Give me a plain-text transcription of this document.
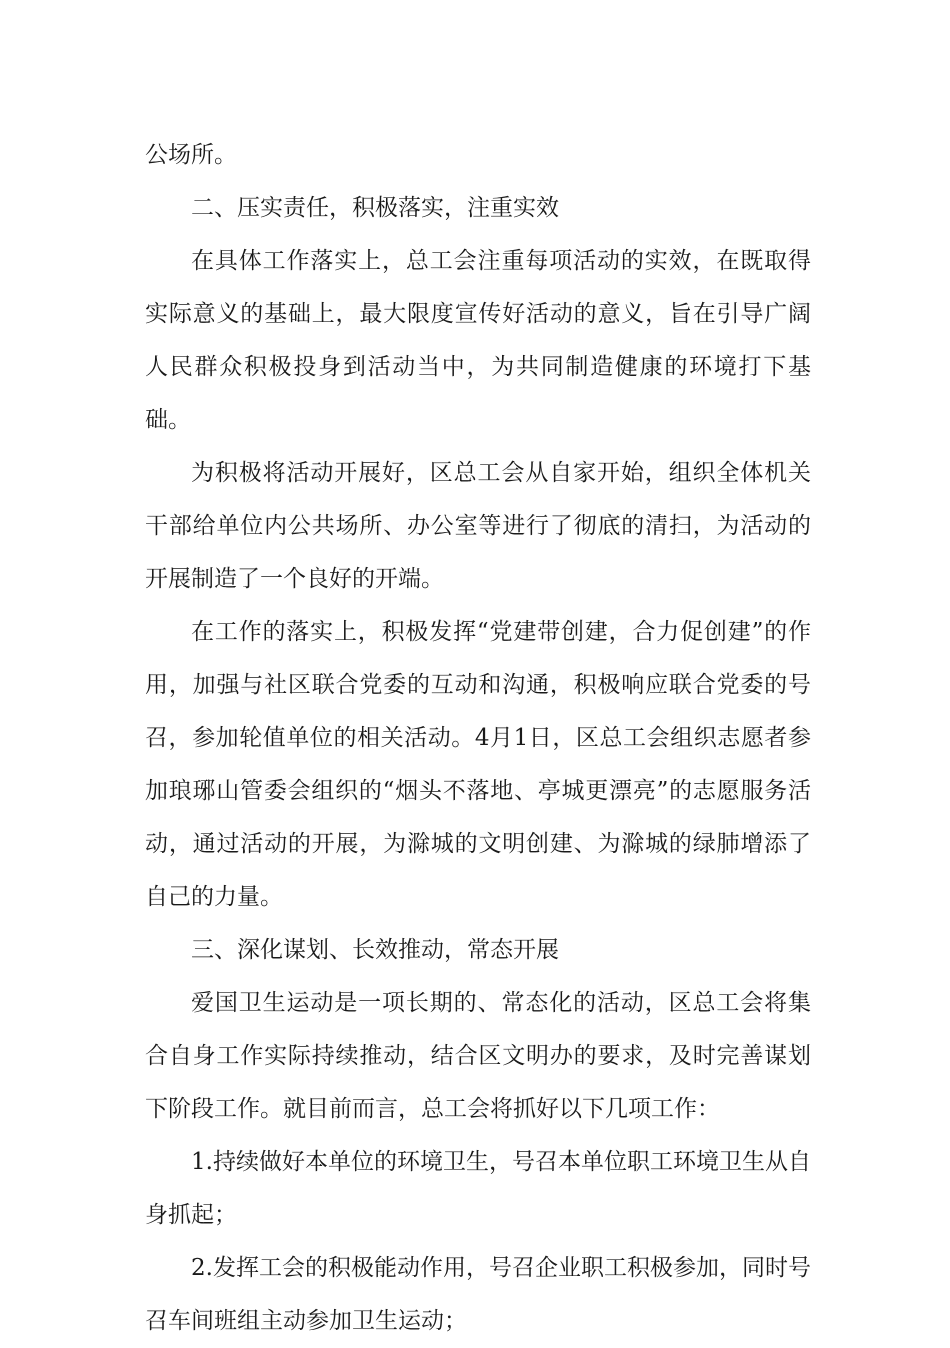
公场所。

二、压实责任，积极落实，注重实效

在具体工作落实上，总工会注重每项活动的实效，在既取得实际意义的基础上，最大限度宣传好活动的意义，旨在引导广阔人民群众积极投身到活动当中，为共同制造健康的环境打下基础。

为积极将活动开展好，区总工会从自家开始，组织全体机关干部给单位内公共场所、办公室等进行了彻底的清扫，为活动的开展制造了一个良好的开端。

在工作的落实上，积极发挥“党建带创建，合力促创建”的作用，加强与社区联合党委的互动和沟通，积极响应联合党委的号召，参加轮值单位的相关活动。4月1日，区总工会组织志愿者参加琅琊山管委会组织的“烟头不落地、亭城更漂亮”的志愿服务活动，通过活动的开展，为滁城的文明创建、为滁城的绿肺增添了自己的力量。

三、深化谋划、长效推动，常态开展

爱国卫生运动是一项长期的、常态化的活动，区总工会将集合自身工作实际持续推动，结合区文明办的要求，及时完善谋划下阶段工作。就目前而言，总工会将抓好以下几项工作：

1.持续做好本单位的环境卫生，号召本单位职工环境卫生从自身抓起；

2.发挥工会的积极能动作用，号召企业职工积极参加，同时号召车间班组主动参加卫生运动；
